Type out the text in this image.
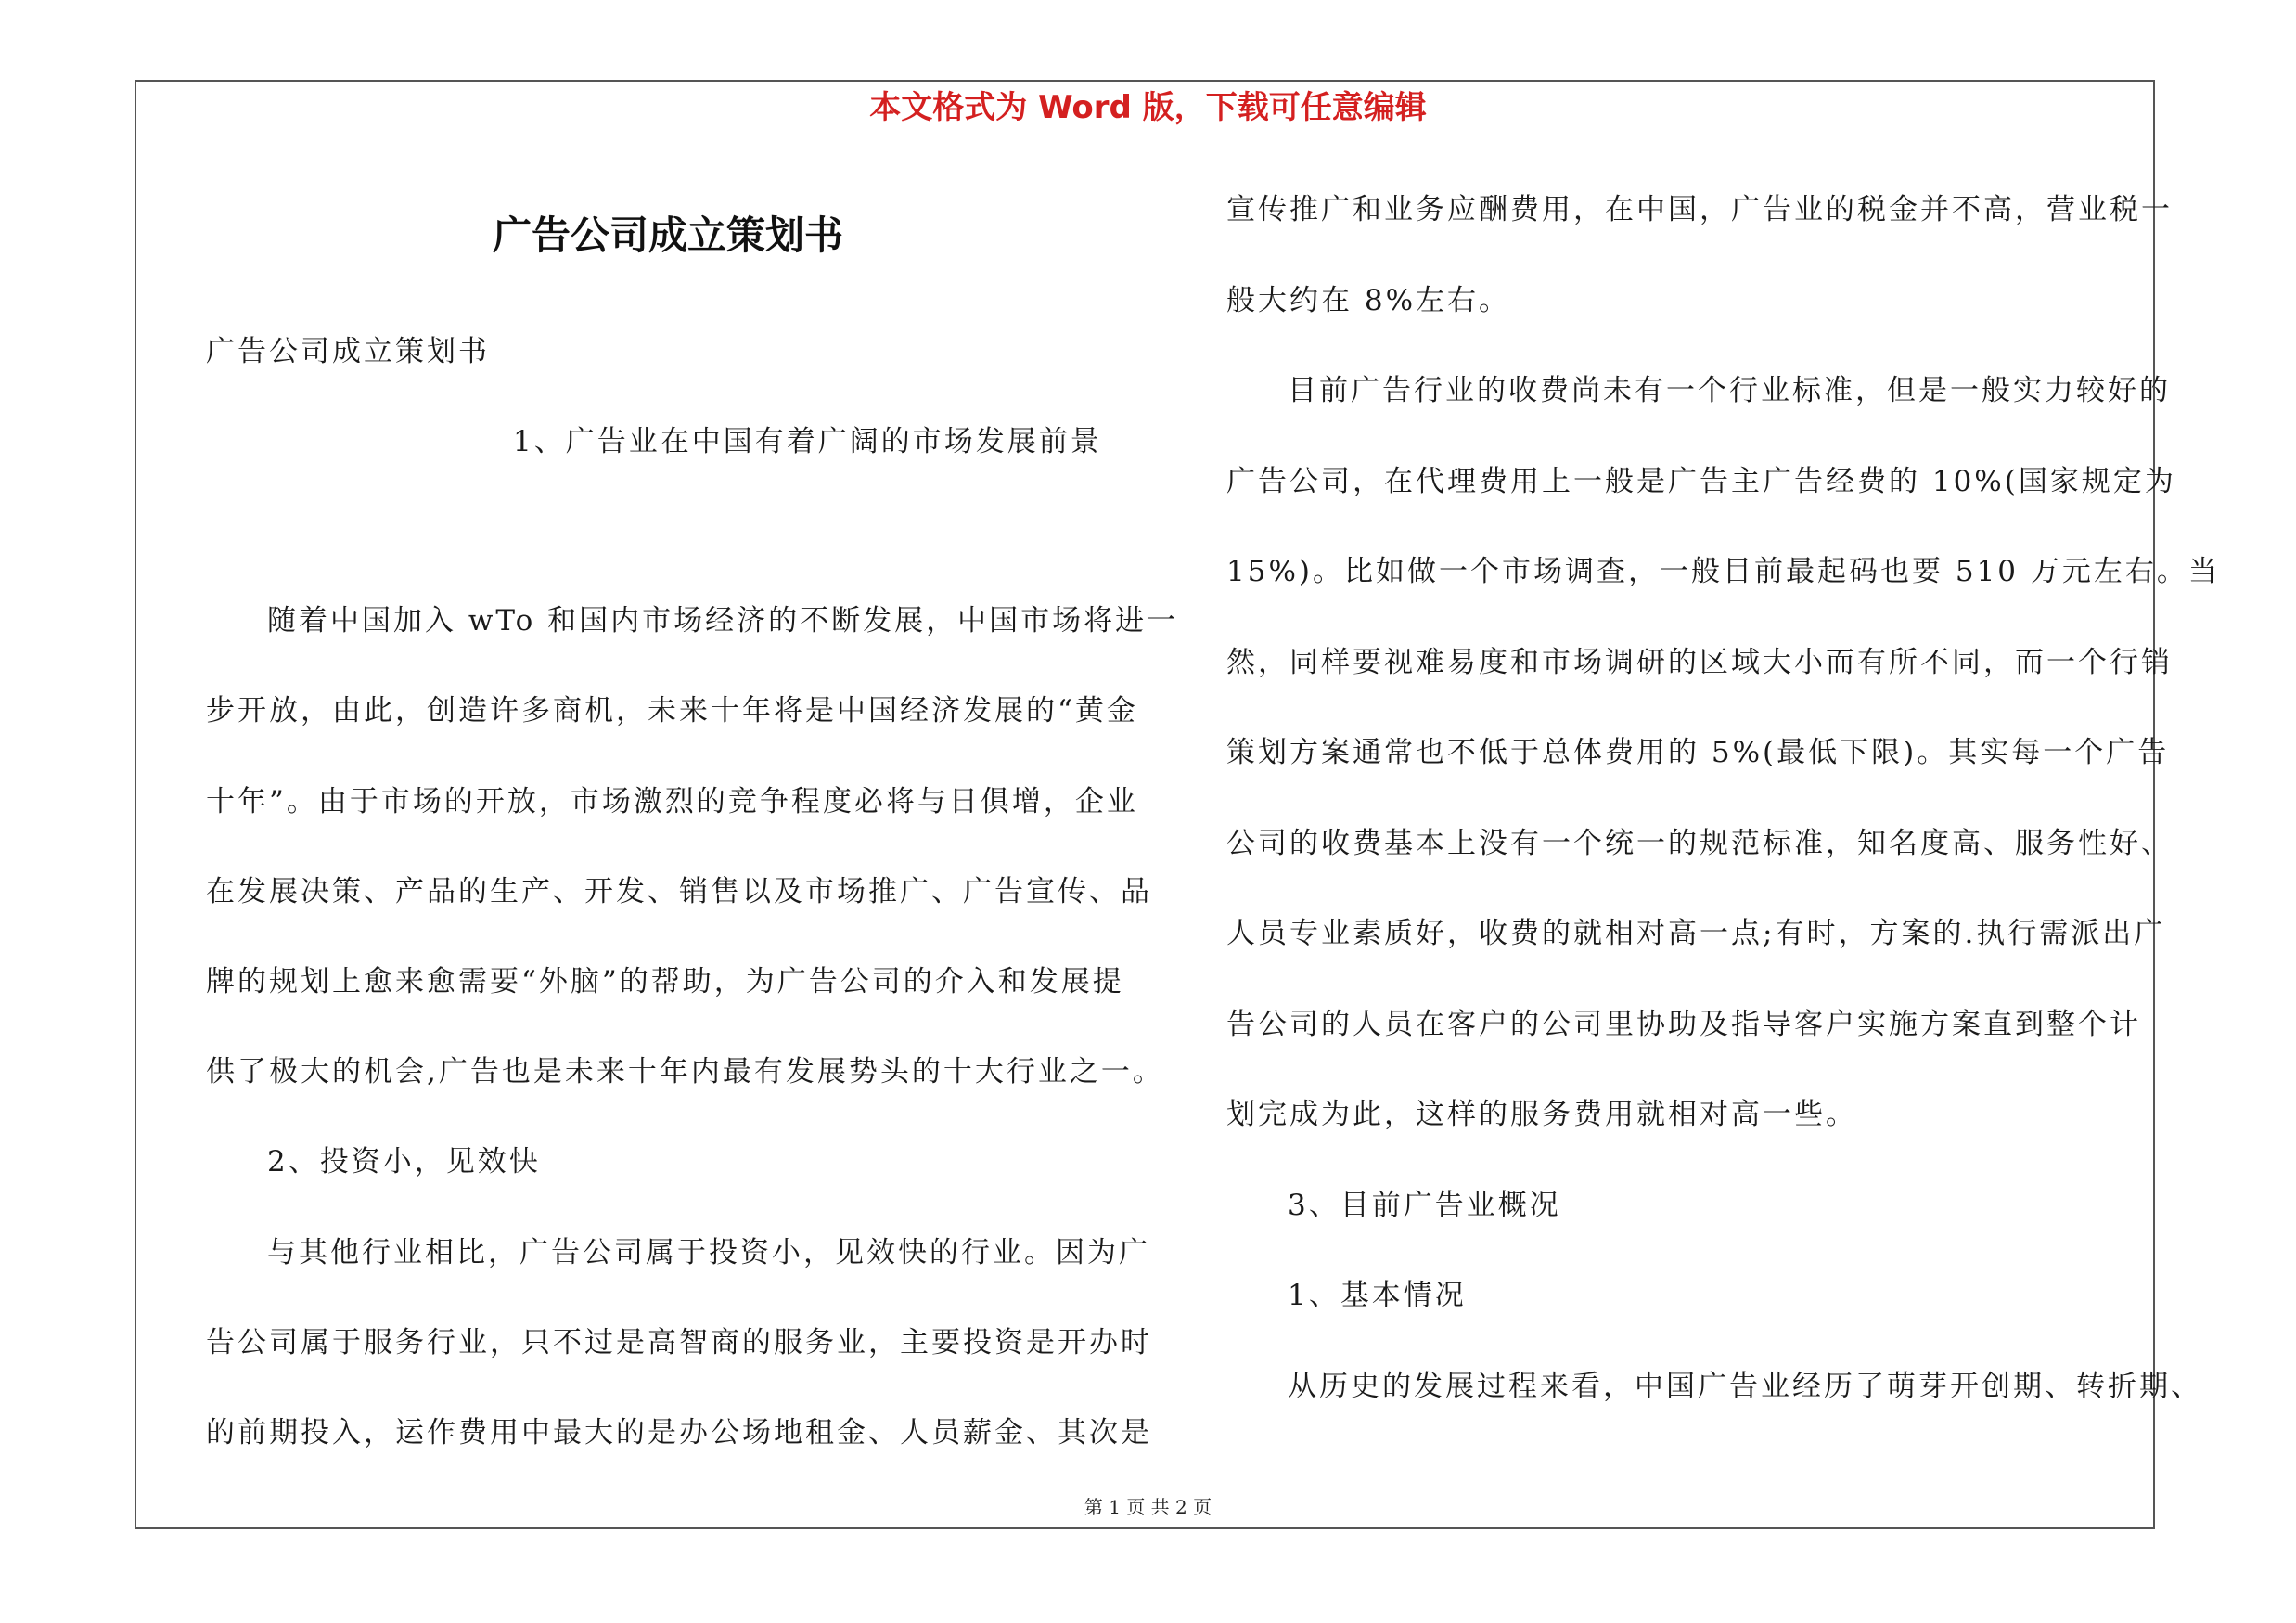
本文格式为 Word 版，下载可任意编辑
广告公司成立策划书
广告公司成立策划书
1、广告业在中国有着广阔的市场发展前景
随着中国加入 wTo 和国内市场经济的不断发展，中国市场将进一
步开放，由此，创造许多商机，未来十年将是中国经济发展的“黄金
十年”。由于市场的开放，市场激烈的竞争程度必将与日俱增，企业
在发展决策、产品的生产、开发、销售以及市场推广、广告宣传、品
牌的规划上愈来愈需要“外脑”的帮助，为广告公司的介入和发展提
供了极大的机会,广告也是未来十年内最有发展势头的十大行业之一。
2、投资小，见效快
与其他行业相比，广告公司属于投资小，见效快的行业。因为广
告公司属于服务行业，只不过是高智商的服务业，主要投资是开办时
的前期投入，运作费用中最大的是办公场地租金、人员薪金、其次是
宣传推广和业务应酬费用，在中国，广告业的税金并不高，营业税一
般大约在 8%左右。
目前广告行业的收费尚未有一个行业标准，但是一般实力较好的
广告公司，在代理费用上一般是广告主广告经费的 10%(国家规定为
15%)。比如做一个市场调查，一般目前最起码也要 510 万元左右。当
然，同样要视难易度和市场调研的区域大小而有所不同，而一个行销
策划方案通常也不低于总体费用的 5%(最低下限)。其实每一个广告
公司的收费基本上没有一个统一的规范标准，知名度高、服务性好、
人员专业素质好，收费的就相对高一点;有时，方案的.执行需派出广
告公司的人员在客户的公司里协助及指导客户实施方案直到整个计
划完成为此，这样的服务费用就相对高一些。
3、目前广告业概况
1、基本情况
从历史的发展过程来看，中国广告业经历了萌芽开创期、转折期、
第 1 页 共 2 页
